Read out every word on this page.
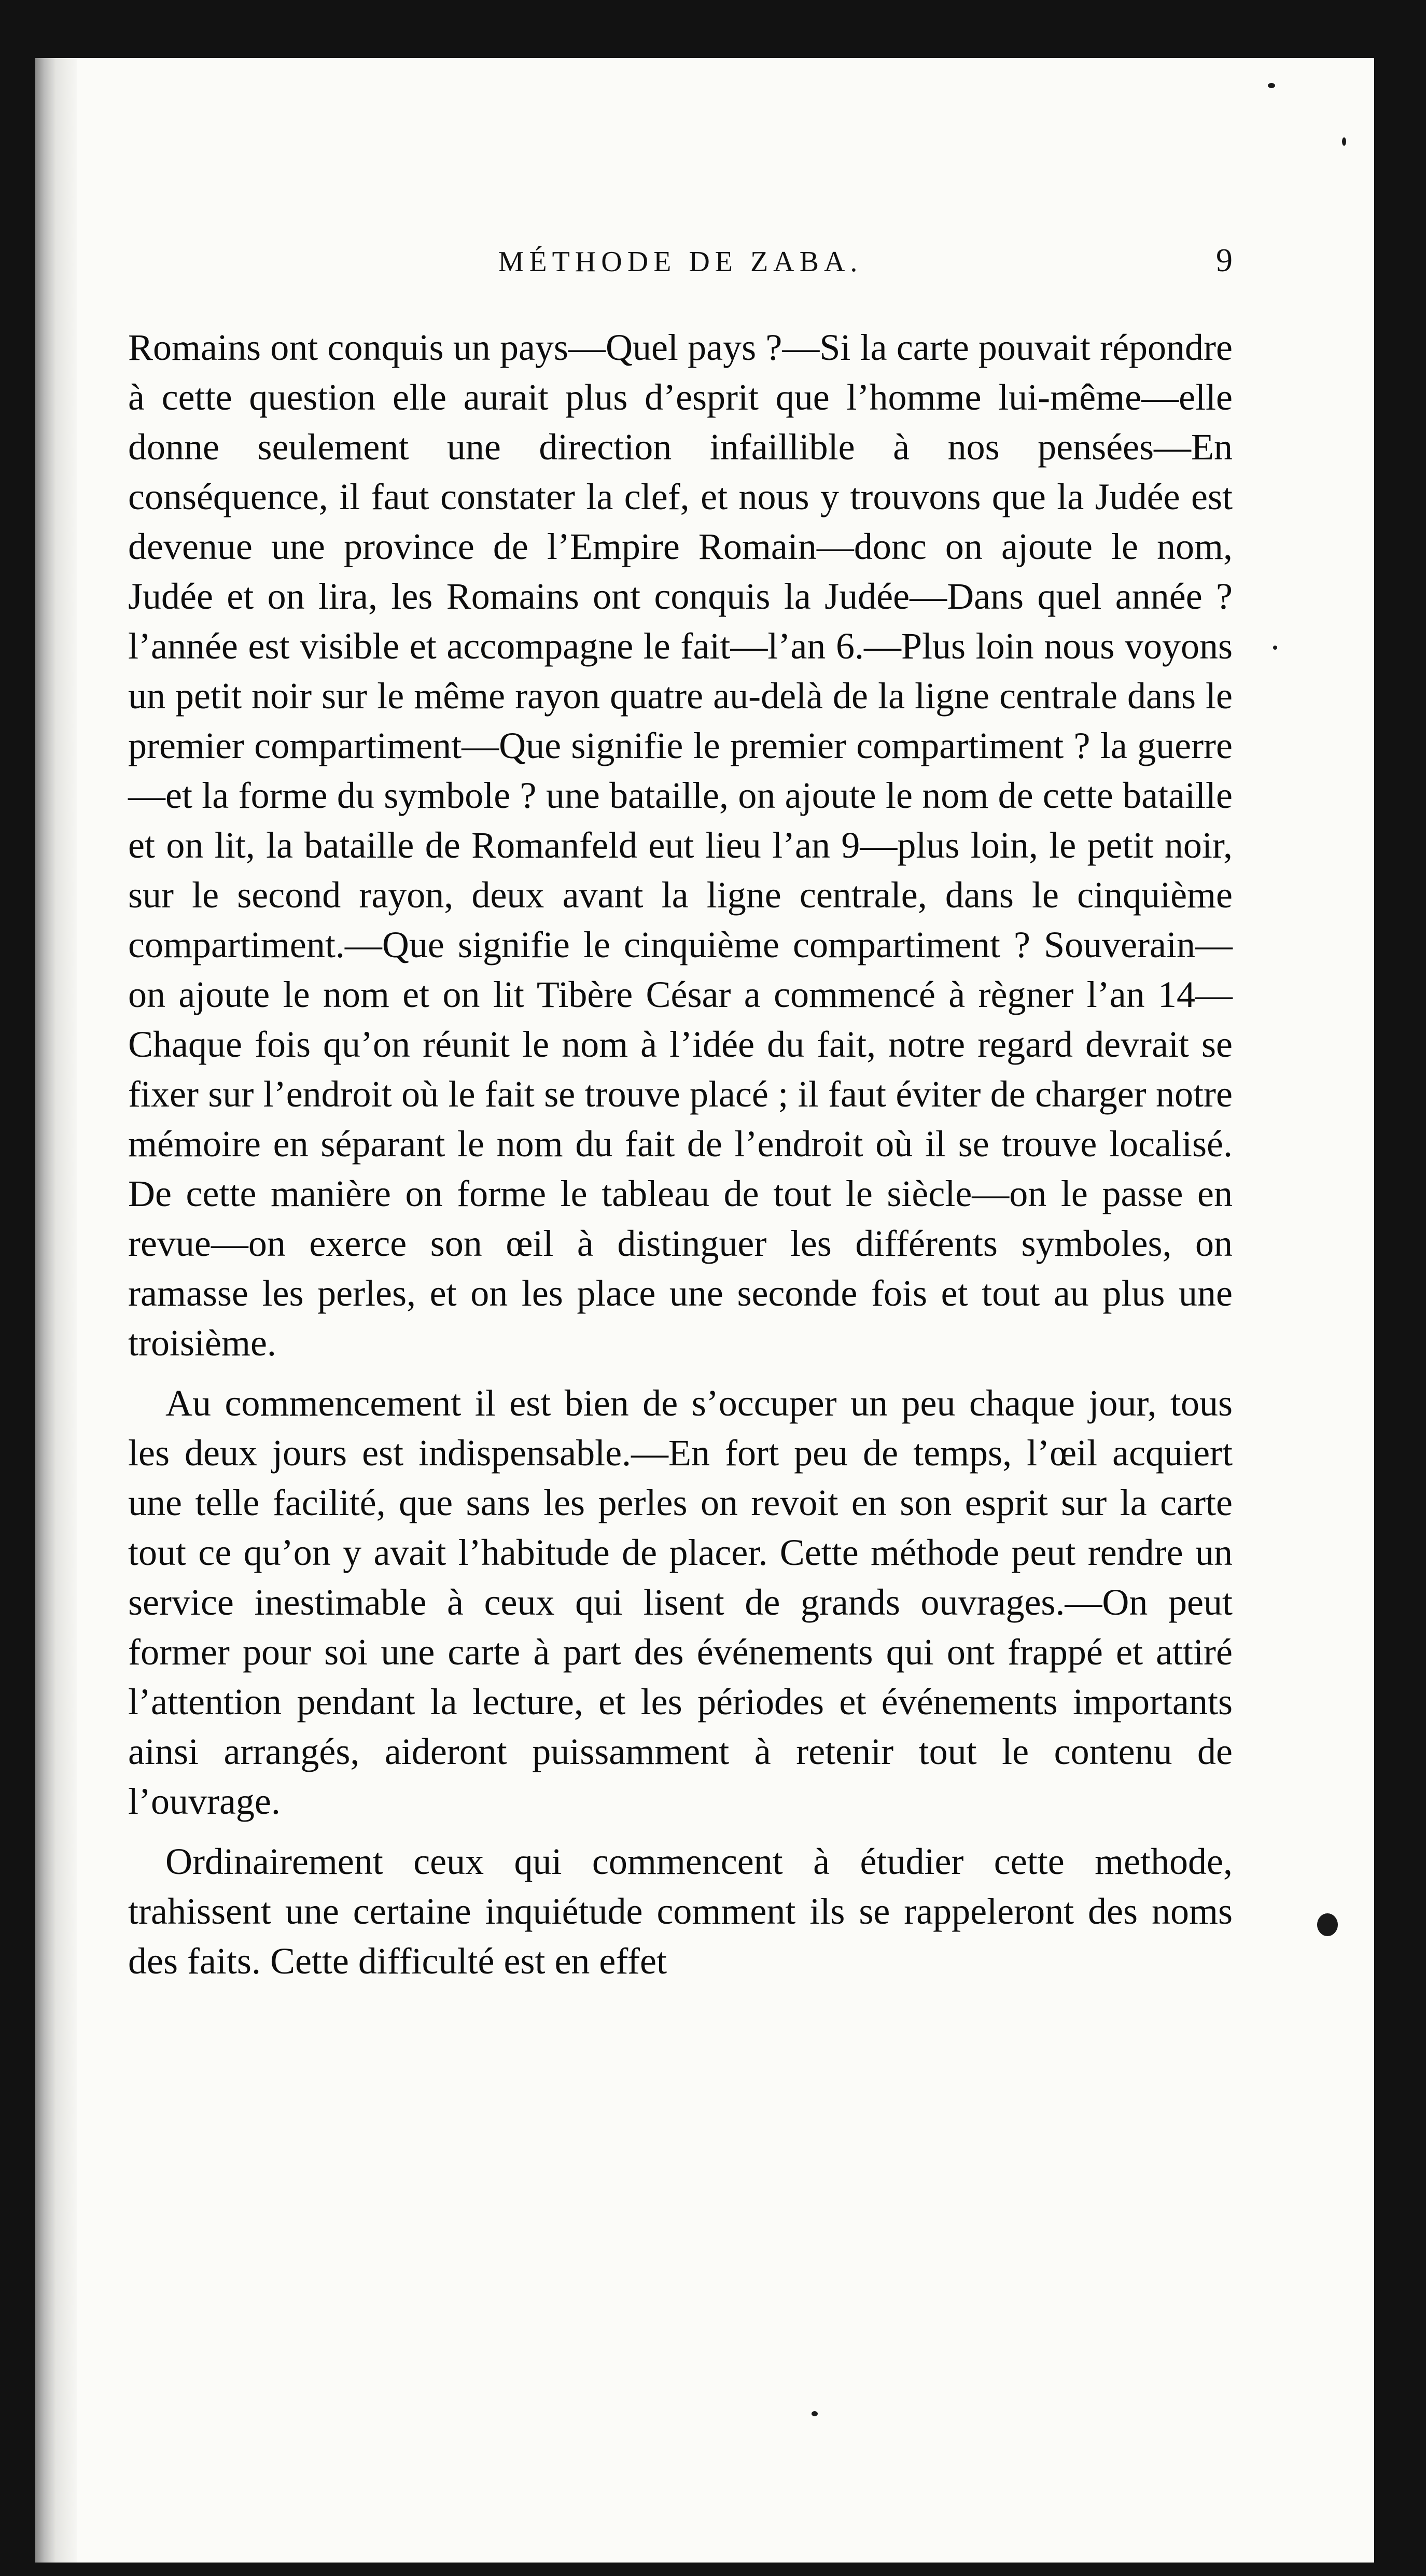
MÉTHODE DE ZABA.	9

Romains ont conquis un pays—Quel pays ?—Si la carte pouvait répondre à cette question elle aurait plus d’esprit que l’homme lui-même—elle donne seulement une direction infaillible à nos pensées—En conséquence, il faut constater la clef, et nous y trouvons que la Judée est devenue une province de l’Empire Romain—donc on ajoute le nom, Judée et on lira, les Romains ont conquis la Judée—Dans quel année ? l’année est visible et accompagne le fait—l’an 6.—Plus loin nous voyons un petit noir sur le même rayon quatre au-delà de la ligne centrale dans le premier compartiment—Que signifie le premier compartiment ? la guerre—et la forme du symbole ? une bataille, on ajoute le nom de cette bataille et on lit, la bataille de Romanfeld eut lieu l’an 9—plus loin, le petit noir, sur le second rayon, deux avant la ligne centrale, dans le cinquième compartiment.—Que signifie le cinquième compartiment ? Souverain—on ajoute le nom et on lit Tibère César a commencé à règner l’an 14—Chaque fois qu’on réunit le nom à l’idée du fait, notre regard devrait se fixer sur l’endroit où le fait se trouve placé ; il faut éviter de charger notre mémoire en séparant le nom du fait de l’endroit où il se trouve localisé. De cette manière on forme le tableau de tout le siècle—on le passe en revue—on exerce son œil à distinguer les différents symboles, on ramasse les perles, et on les place une seconde fois et tout au plus une troisième.

Au commencement il est bien de s’occuper un peu chaque jour, tous les deux jours est indispensable.—En fort peu de temps, l’œil acquiert une telle facilité, que sans les perles on revoit en son esprit sur la carte tout ce qu’on y avait l’habitude de placer. Cette méthode peut rendre un service inestimable à ceux qui lisent de grands ouvrages.—On peut former pour soi une carte à part des événements qui ont frappé et attiré l’attention pendant la lecture, et les périodes et événements importants ainsi arrangés, aideront puissamment à retenir tout le contenu de l’ouvrage.

Ordinairement ceux qui commencent à étudier cette methode, trahissent une certaine inquiétude comment ils se rappeleront des noms des faits. Cette difficulté est en effet
